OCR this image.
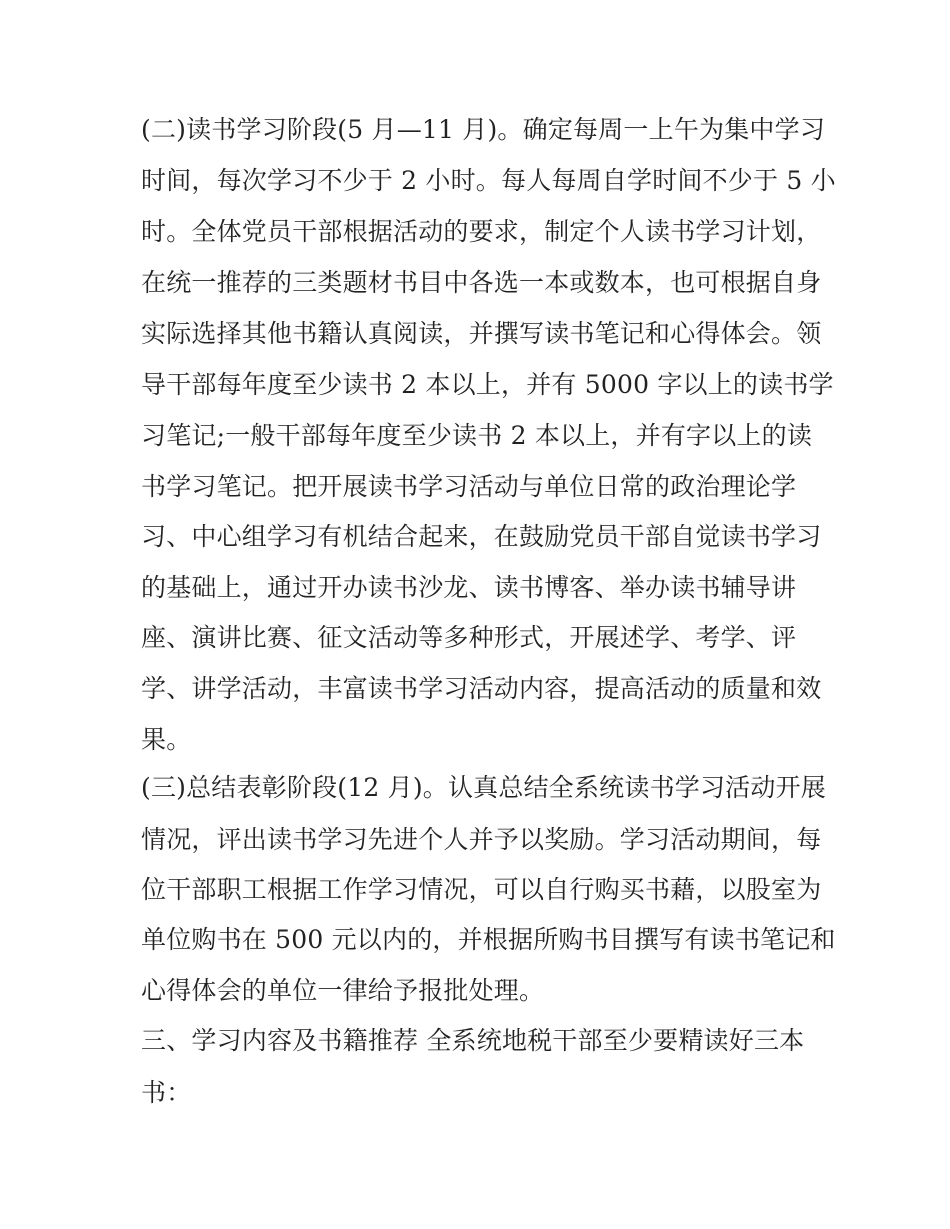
(二)读书学习阶段(5 月—11 月)。确定每周一上午为集中学习
时间，每次学习不少于 2 小时。每人每周自学时间不少于 5 小
时。全体党员干部根据活动的要求，制定个人读书学习计划，
在统一推荐的三类题材书目中各选一本或数本，也可根据自身
实际选择其他书籍认真阅读，并撰写读书笔记和心得体会。领
导干部每年度至少读书 2 本以上，并有 5000 字以上的读书学
习笔记;一般干部每年度至少读书 2 本以上，并有字以上的读
书学习笔记。把开展读书学习活动与单位日常的政治理论学
习、中心组学习有机结合起来，在鼓励党员干部自觉读书学习
的基础上，通过开办读书沙龙、读书博客、举办读书辅导讲
座、演讲比赛、征文活动等多种形式，开展述学、考学、评
学、讲学活动，丰富读书学习活动内容，提高活动的质量和效
果。
(三)总结表彰阶段(12 月)。认真总结全系统读书学习活动开展
情况，评出读书学习先进个人并予以奖励。学习活动期间，每
位干部职工根据工作学习情况，可以自行购买书藉，以股室为
单位购书在 500 元以内的，并根据所购书目撰写有读书笔记和
心得体会的单位一律给予报批处理。
三、学习内容及书籍推荐 全系统地税干部至少要精读好三本
书：
